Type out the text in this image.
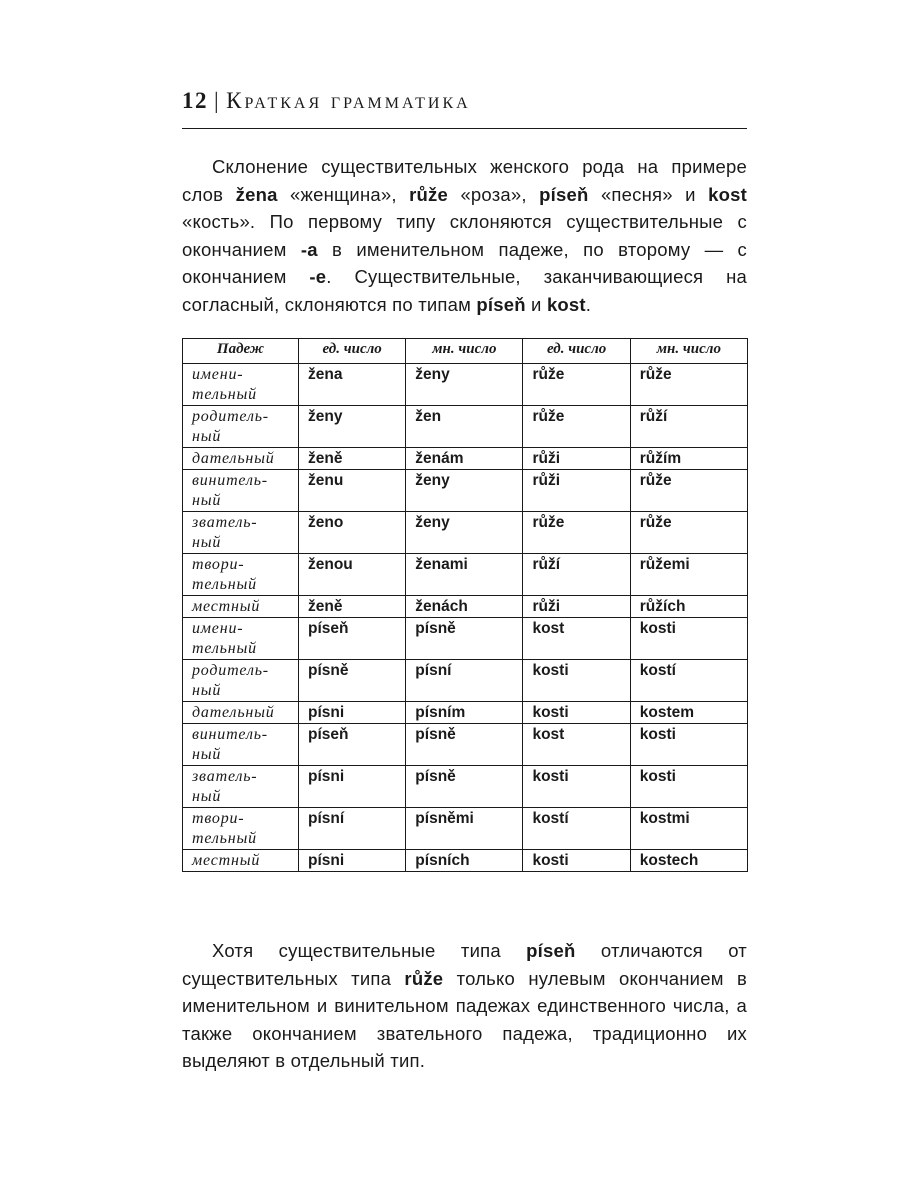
12 | Краткая грамматика

Склонение существительных женского рода на примере слов žena «женщина», růže «роза», píseň «песня» и kost «кость». По первому типу склоняются существительные с окончанием -a в именительном падеже, по второму — с окончанием -e. Существительные, заканчивающиеся на согласный, склоняются по типам píseň и kost.

Падеж	ед. число	мн. число	ед. число	мн. число
имени-
тельный	žena	ženy	růže	růže
родитель-
ный	ženy	žen	růže	růží
дательный	ženě	ženám	růži	růžím
винитель-
ный	ženu	ženy	růži	růže
звaтель-
ный	ženo	ženy	růže	růže
твори-
тельный	ženou	ženami	růží	růžemi
местный	ženě	ženách	růži	růžích
имени-
тельный	píseň	písně	kost	kosti
родитель-
ный	písně	písní	kosti	kostí
дательный	písni	písním	kosti	kostem
винитель-
ный	píseň	písně	kost	kosti
звaтель-
ный	písni	písně	kosti	kosti
твори-
тельный	písní	písněmi	kostí	kostmi
местный	písni	písních	kosti	kostech

Хотя существительные типа píseň отличаются от существительных типа růže только нулевым окончанием в именительном и винительном падежах единственного числа, а также окончанием звательного падежа, традиционно их выделяют в отдельный тип.
